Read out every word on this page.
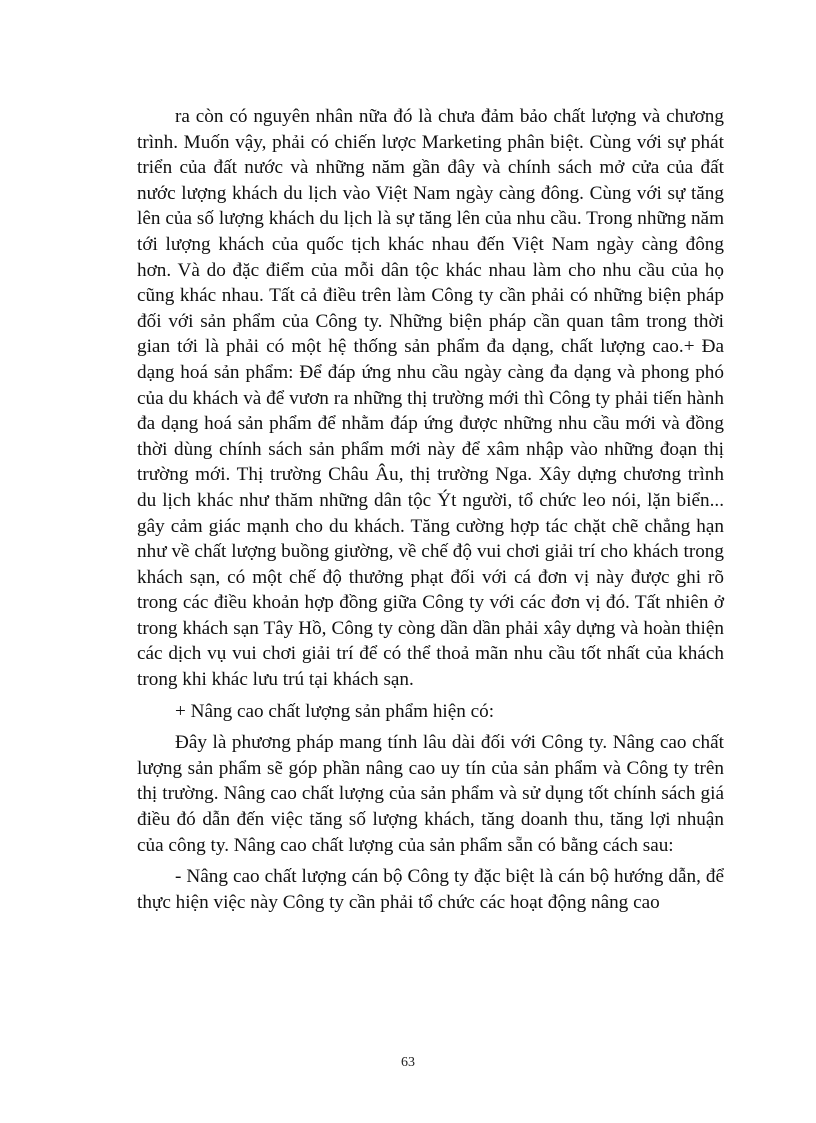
ra còn có nguyên nhân nữa đó là chưa đảm bảo chất lượng và chương trình. Muốn vậy, phải có chiến lược Marketing phân biệt. Cùng với sự phát triển của đất nước và những năm gần đây và chính sách mở cửa của đất nước lượng khách du lịch vào Việt Nam ngày càng đông. Cùng với sự tăng lên của số lượng khách du lịch là sự tăng lên của nhu cầu. Trong những năm tới lượng khách của quốc tịch khác nhau đến Việt Nam ngày càng đông hơn. Và do đặc điểm của mỗi dân tộc khác nhau làm cho nhu cầu của họ cũng khác nhau. Tất cả điều trên làm Công ty cần phải có những biện pháp đối với sản phẩm của Công ty. Những biện pháp cần quan tâm trong thời gian tới là phải có một hệ thống sản phẩm đa dạng, chất lượng cao.+ Đa dạng hoá sản phẩm: Để đáp ứng nhu cầu ngày càng đa dạng và phong phó của du khách và để vươn ra những thị trường mới thì Công ty phải tiến hành đa dạng hoá sản phẩm để nhằm đáp ứng được những nhu cầu mới và đồng thời dùng chính sách sản phẩm mới này để xâm nhập vào những đoạn thị trường mới. Thị trường Châu Âu, thị trường Nga. Xây dựng chương trình du lịch khác như thăm những dân tộc Ýt người, tổ chức leo nói, lặn biển... gây cảm giác mạnh cho du khách. Tăng cường hợp tác chặt chẽ chẳng hạn như về chất lượng buồng giường, về chế độ vui chơi giải trí cho khách trong khách sạn, có một chế độ thưởng phạt đối với cá đơn vị này được ghi rõ trong các điều khoản hợp đồng giữa Công ty với các đơn vị đó. Tất nhiên ở trong khách sạn Tây Hồ, Công ty còng dần dần phải xây dựng và hoàn thiện các dịch vụ vui chơi giải trí để có thể thoả mãn nhu cầu tốt nhất của khách trong khi khác lưu trú tại khách sạn.

+ Nâng cao chất lượng sản phẩm hiện có:

Đây là phương pháp mang tính lâu dài đối với Công ty. Nâng cao chất lượng sản phẩm sẽ góp phần nâng cao uy tín của sản phẩm và Công ty trên thị trường. Nâng cao chất lượng của sản phẩm và sử dụng tốt chính sách giá điều đó dẫn đến việc tăng số lượng khách, tăng doanh thu, tăng lợi nhuận của công ty. Nâng cao chất lượng của sản phẩm sẵn có bằng cách sau:

- Nâng cao chất lượng cán bộ Công ty đặc biệt là cán bộ hướng dẫn, để thực hiện việc này Công ty cần phải tổ chức các hoạt động nâng cao

63
